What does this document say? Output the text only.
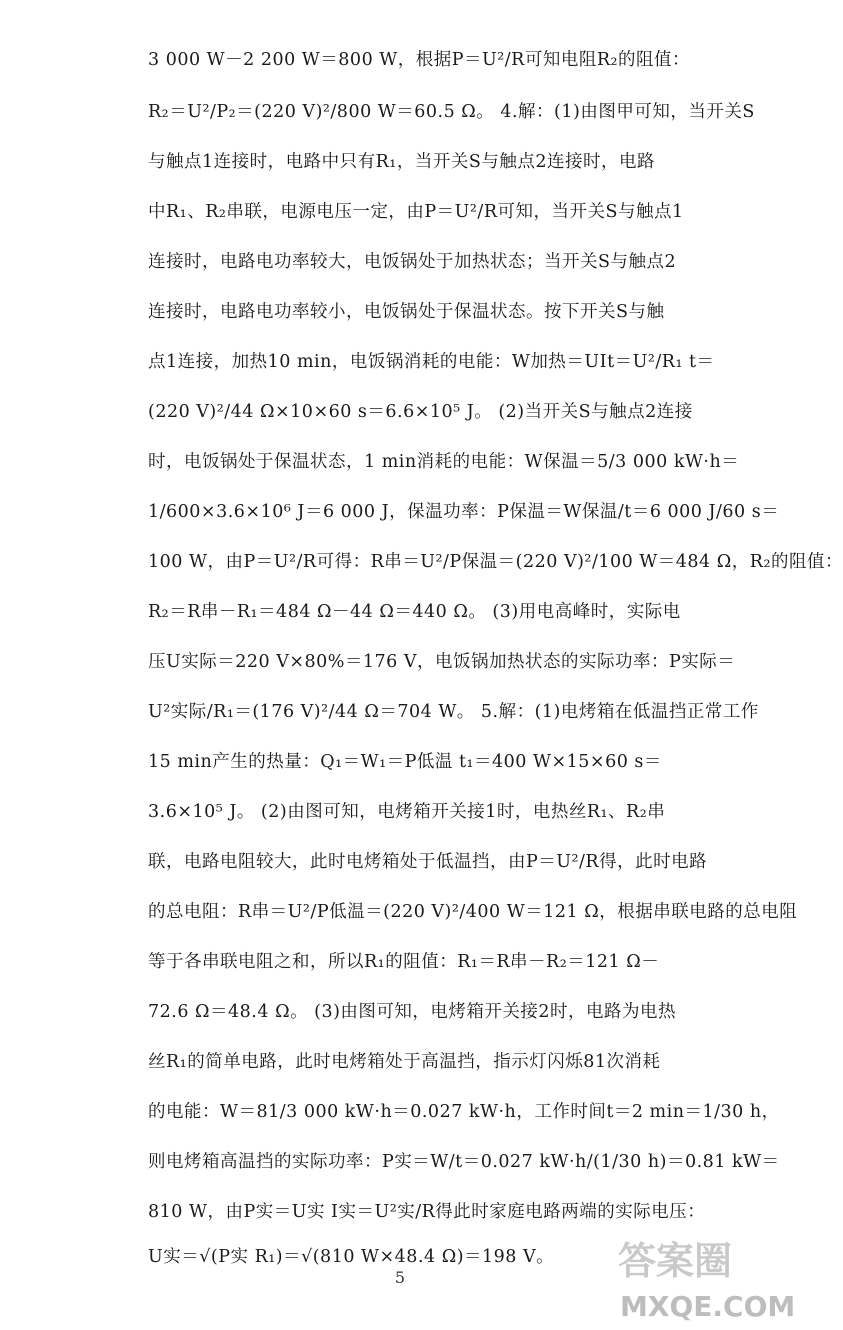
3 000 W－2 200 W＝800 W，根据P＝U²/R可知电阻R₂的阻值：
R₂＝U²/P₂＝(220 V)²/800 W＝60.5 Ω。 4.解：(1)由图甲可知，当开关S
与触点1连接时，电路中只有R₁，当开关S与触点2连接时，电路
中R₁、R₂串联，电源电压一定，由P＝U²/R可知，当开关S与触点1
连接时，电路电功率较大，电饭锅处于加热状态；当开关S与触点2
连接时，电路电功率较小，电饭锅处于保温状态。按下开关S与触
点1连接，加热10 min，电饭锅消耗的电能：W加热＝UIt＝U²/R₁ t＝
(220 V)²/44 Ω×10×60 s＝6.6×10⁵ J。 (2)当开关S与触点2连接
时，电饭锅处于保温状态，1 min消耗的电能：W保温＝5/3 000 kW·h＝
1/600×3.6×10⁶ J＝6 000 J，保温功率：P保温＝W保温/t＝6 000 J/60 s＝
100 W，由P＝U²/R可得：R串＝U²/P保温＝(220 V)²/100 W＝484 Ω，R₂的阻值：
R₂＝R串－R₁＝484 Ω－44 Ω＝440 Ω。 (3)用电高峰时，实际电
压U实际＝220 V×80%＝176 V，电饭锅加热状态的实际功率：P实际＝
U²实际/R₁＝(176 V)²/44 Ω＝704 W。 5.解：(1)电烤箱在低温挡正常工作
15 min产生的热量：Q₁＝W₁＝P低温 t₁＝400 W×15×60 s＝
3.6×10⁵ J。 (2)由图可知，电烤箱开关接1时，电热丝R₁、R₂串
联，电路电阻较大，此时电烤箱处于低温挡，由P＝U²/R得，此时电路
的总电阻：R串＝U²/P低温＝(220 V)²/400 W＝121 Ω，根据串联电路的总电阻
等于各串联电阻之和，所以R₁的阻值：R₁＝R串－R₂＝121 Ω－
72.6 Ω＝48.4 Ω。 (3)由图可知，电烤箱开关接2时，电路为电热
丝R₁的简单电路，此时电烤箱处于高温挡，指示灯闪烁81次消耗
的电能：W＝81/3 000 kW·h＝0.027 kW·h，工作时间t＝2 min＝1/30 h，
则电烤箱高温挡的实际功率：P实＝W/t＝0.027 kW·h/(1/30 h)＝0.81 kW＝
810 W，由P实＝U实 I实＝U²实/R得此时家庭电路两端的实际电压：
U实＝√(P实 R₁)＝√(810 W×48.4 Ω)＝198 V。
5	答案圈
MXQE.COM
